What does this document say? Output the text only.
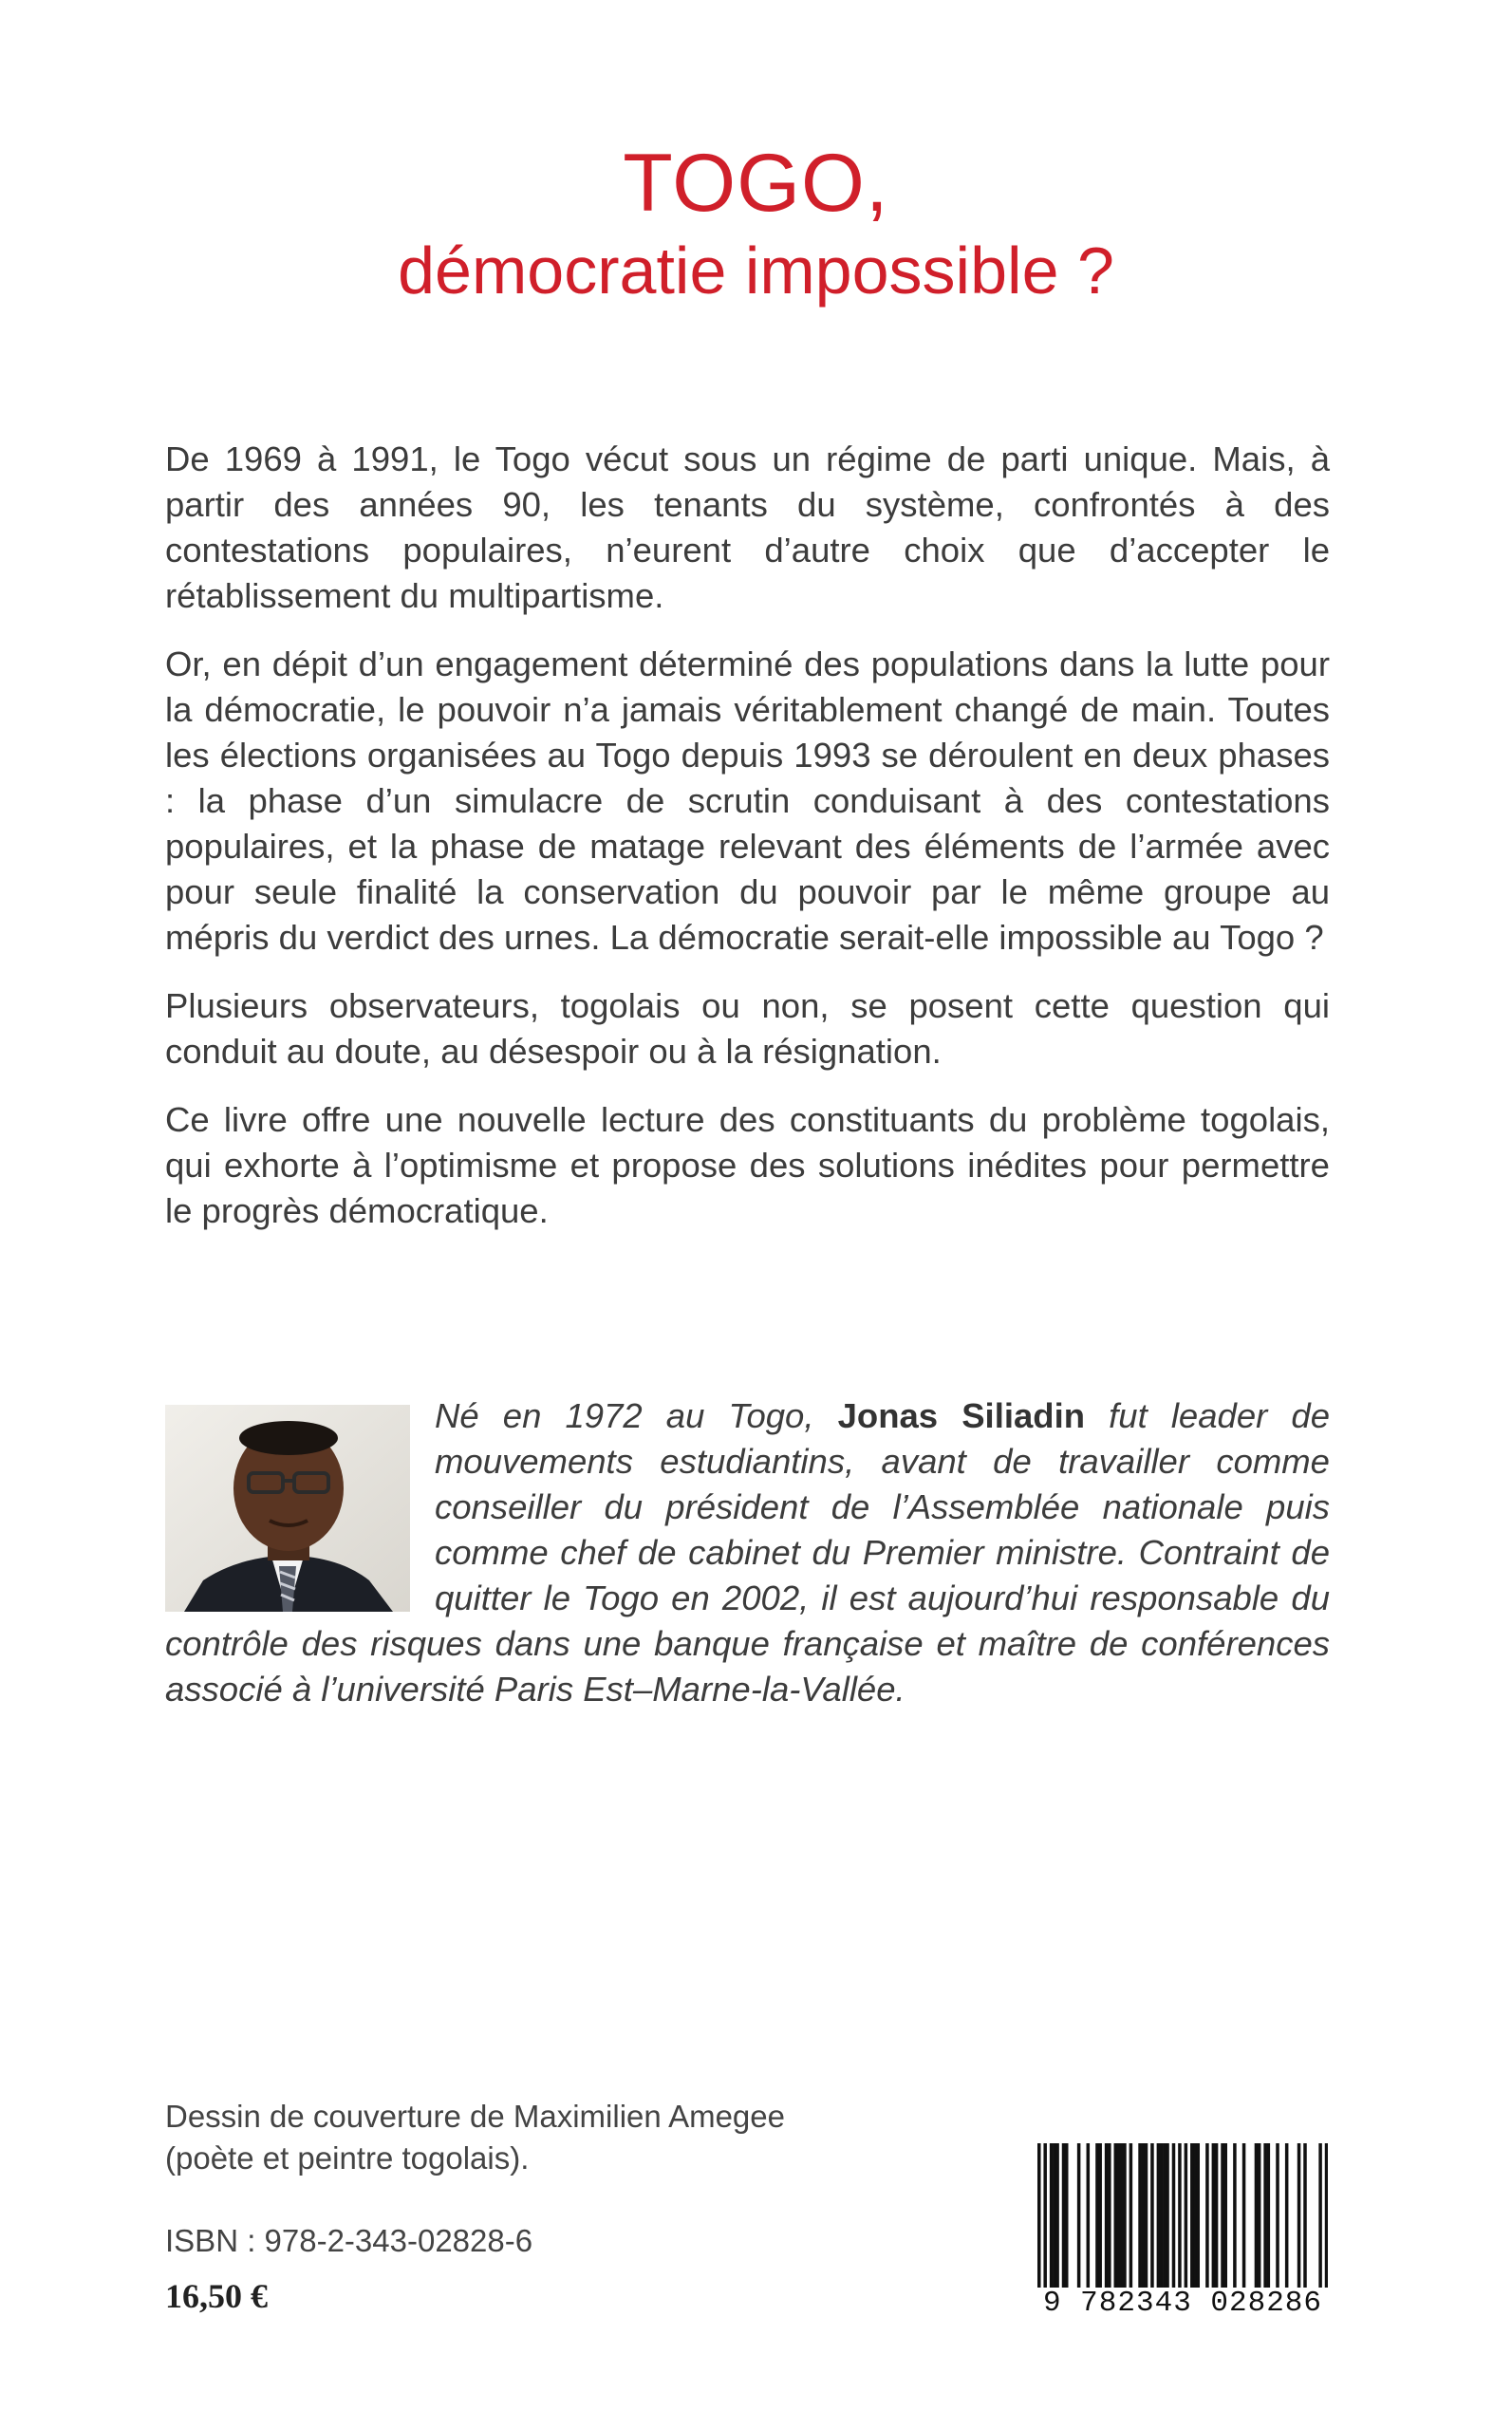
TOGO,
démocratie impossible ?

De 1969 à 1991, le Togo vécut sous un régime de parti unique. Mais, à partir des années 90, les tenants du système, confrontés à des contestations populaires, n’eurent d’autre choix que d’accepter le rétablissement du multipartisme.

Or, en dépit d’un engagement déterminé des populations dans la lutte pour la démocratie, le pouvoir n’a jamais véritablement changé de main. Toutes les élections organisées au Togo depuis 1993 se déroulent en deux phases : la phase d’un simulacre de scrutin conduisant à des contestations populaires, et la phase de matage relevant des éléments de l’armée avec pour seule finalité la conservation du pouvoir par le même groupe au mépris du verdict des urnes. La démocratie serait-elle impossible au Togo ?

Plusieurs observateurs, togolais ou non, se posent cette question qui conduit au doute, au désespoir ou à la résignation.

Ce livre offre une nouvelle lecture des constituants du problème togolais, qui exhorte à l’optimisme et propose des solutions inédites pour permettre le progrès démocratique.

Né en 1972 au Togo, Jonas Siliadin fut leader de mouvements estudiantins, avant de travailler comme conseiller du président de l’Assemblée nationale puis comme chef de cabinet du Premier ministre. Contraint de quitter le Togo en 2002, il est aujourd’hui responsable du contrôle des risques dans une banque française et maître de conférences associé à l’université Paris Est–Marne-la-Vallée.

Dessin de couverture de Maximilien Amegee
(poète et peintre togolais).
ISBN : 978-2-343-02828-6
16,50 €	9 782343 028286
